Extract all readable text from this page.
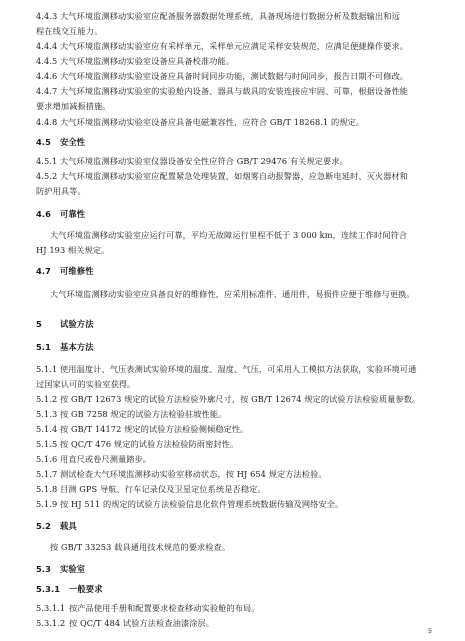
4.4.3 大气环境监测移动实验室应配备服务器数据处理系统，具备现场进行数据分析及数据输出和远
程在线交互能力。
4.4.4 大气环境监测移动实验室应有采样单元，采样单元应满足采样安装规范，应满足便捷操作要求。
4.4.5 大气环境监测移动实验室设备应具备校准功能。
4.4.6 大气环境监测移动实验室设备应具备时间同步功能，测试数据与时间同步，报告日期不可修改。
4.4.7 大气环境监测移动实验室的实验舱内设备、器具与载具的安装连接应牢固、可靠，根据设备性能
要求增加减振措施。
4.4.8 大气环境监测移动实验室设备应具备电磁兼容性，应符合 GB/T 18268.1 的规定。
4.5 安全性
4.5.1 大气环境监测移动实验室仪器设备安全性应符合 GB/T 29476 有关规定要求。
4.5.2 大气环境监测移动实验室应配置紧急处理装置，如烟雾自动报警器、应急断电延时、灭火器材和
防护用具等。
4.6 可靠性
大气环境监测移动实验室应运行可靠，平均无故障运行里程不低于 3 000 km，连续工作时间符合
HJ 193 相关规定。
4.7 可维修性
大气环境监测移动实验室应具备良好的维修性，应采用标准件、通用件，易损件应便于维修与更换。
5 试验方法
5.1 基本方法
5.1.1 使用温度计、气压表测试实验环境的温度、湿度、气压，可采用人工模拟方法获取，实验环境可通
过国家认可的实验室获得。
5.1.2 按 GB/T 12673 规定的试验方法检验外廓尺寸，按 GB/T 12674 规定的试验方法检验质量参数。
5.1.3 按 GB 7258 规定的试验方法检验驻坡性能。
5.1.4 按 GB/T 14172 规定的试验方法检验侧倾稳定性。
5.1.5 按 QC/T 476 规定的试验方法检验防雨密封性。
5.1.6 用直尺或卷尺测量踏步。
5.1.7 测试检查大气环境监测移动实验室移动状态，按 HJ 654 规定方法检验。
5.1.8 目测 GPS 导航、行车记录仪及卫星定位系统是否稳定。
5.1.9 按 HJ 511 的规定的试验方法检验信息化软件管理系统数据传输及网络安全。
5.2 载具
按 GB/T 33253 载具通用技术规范的要求检查。
5.3 实验室
5.3.1 一般要求
5.3.1.1 按产品使用手册和配置要求检查移动实验舱的布局。
5.3.1.2 按 QC/T 484 试验方法检查油漆涂层。
5
